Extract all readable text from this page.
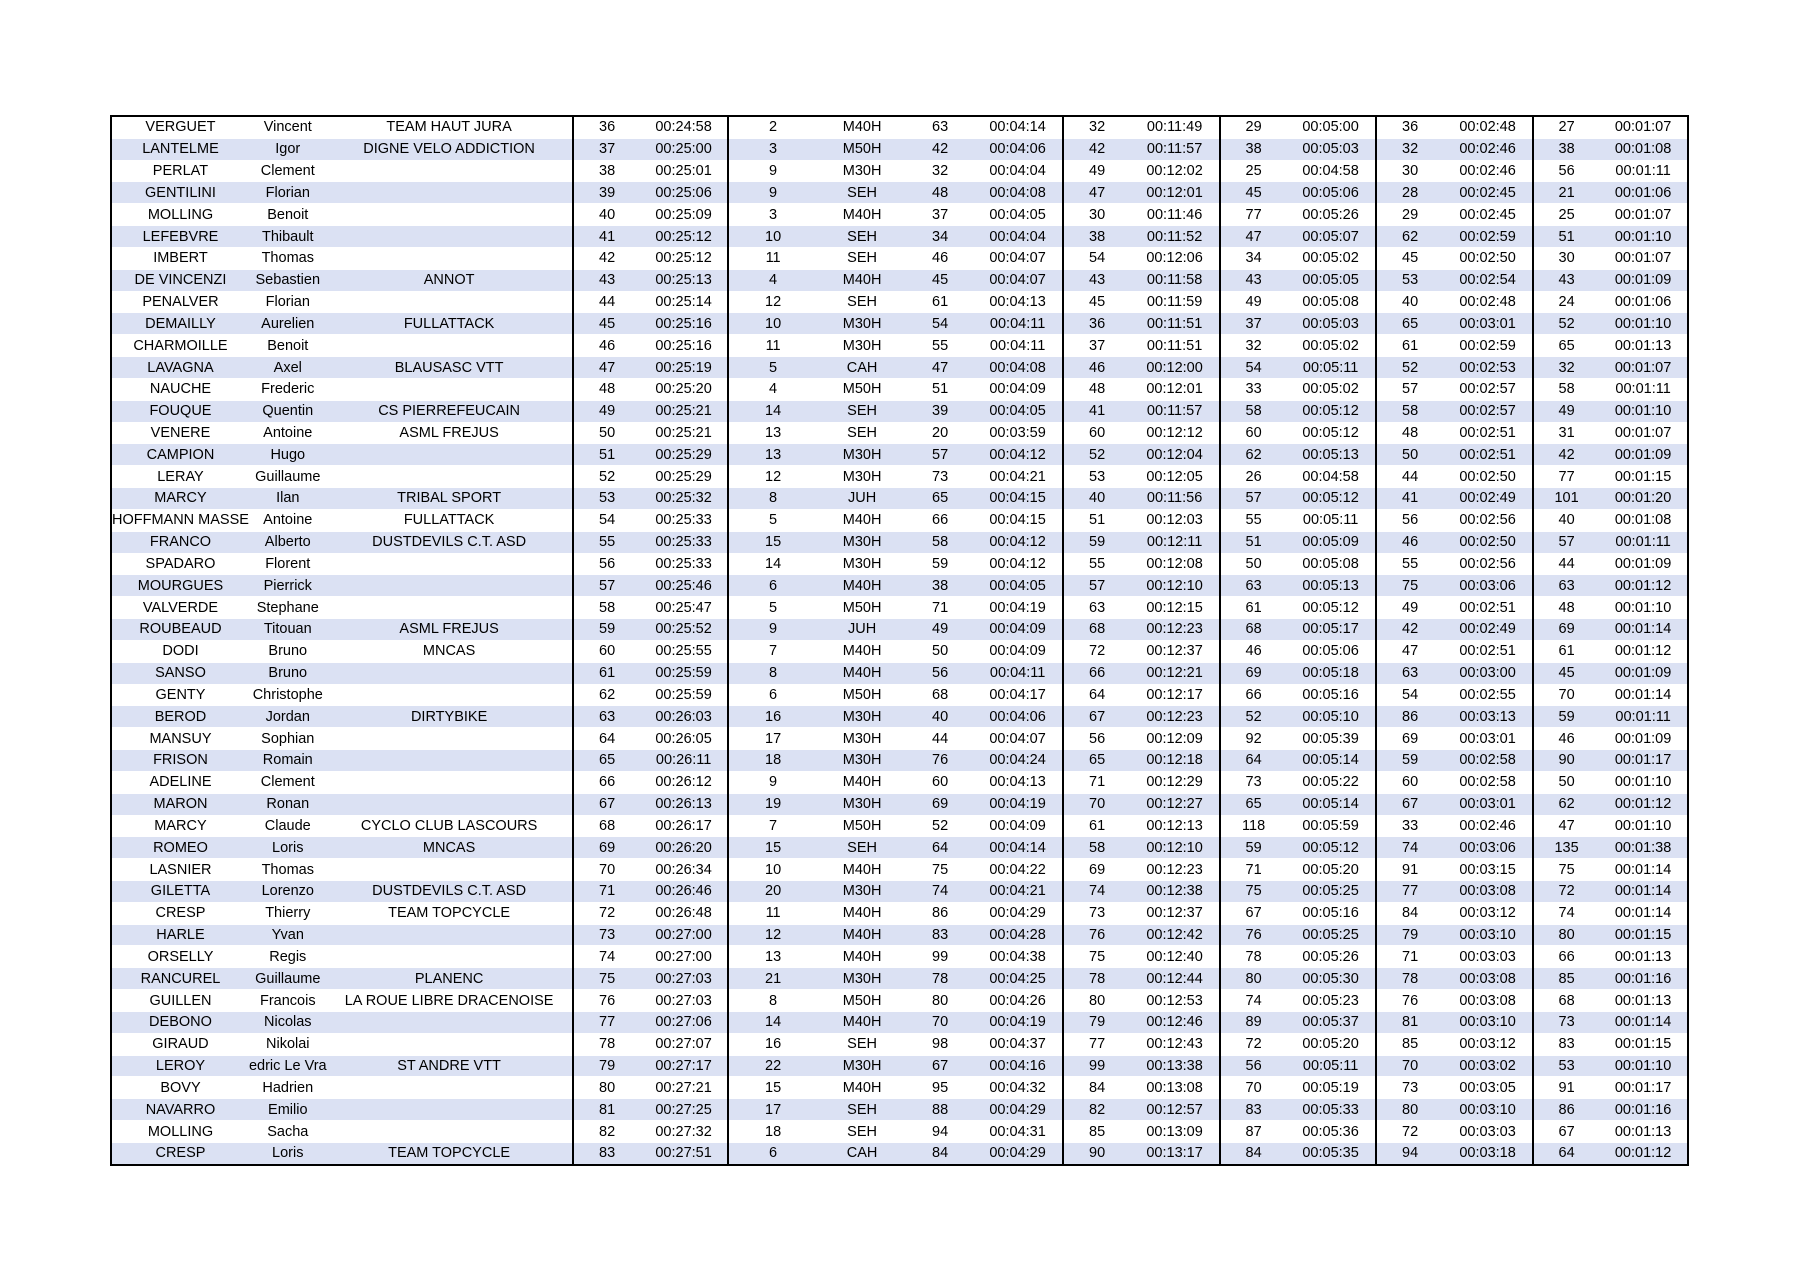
VERGUET	Vincent	TEAM HAUT JURA	36	00:24:58	2	M40H	63	00:04:14	32	00:11:49	29	00:05:00	36	00:02:48	27	00:01:07
LANTELME	Igor	DIGNE VELO ADDICTION	37	00:25:00	3	M50H	42	00:04:06	42	00:11:57	38	00:05:03	32	00:02:46	38	00:01:08
PERLAT	Clement		38	00:25:01	9	M30H	32	00:04:04	49	00:12:02	25	00:04:58	30	00:02:46	56	00:01:11
GENTILINI	Florian		39	00:25:06	9	SEH	48	00:04:08	47	00:12:01	45	00:05:06	28	00:02:45	21	00:01:06
MOLLING	Benoit		40	00:25:09	3	M40H	37	00:04:05	30	00:11:46	77	00:05:26	29	00:02:45	25	00:01:07
LEFEBVRE	Thibault		41	00:25:12	10	SEH	34	00:04:04	38	00:11:52	47	00:05:07	62	00:02:59	51	00:01:10
IMBERT	Thomas		42	00:25:12	11	SEH	46	00:04:07	54	00:12:06	34	00:05:02	45	00:02:50	30	00:01:07
DE VINCENZI	Sebastien	ANNOT	43	00:25:13	4	M40H	45	00:04:07	43	00:11:58	43	00:05:05	53	00:02:54	43	00:01:09
PENALVER	Florian		44	00:25:14	12	SEH	61	00:04:13	45	00:11:59	49	00:05:08	40	00:02:48	24	00:01:06
DEMAILLY	Aurelien	FULLATTACK	45	00:25:16	10	M30H	54	00:04:11	36	00:11:51	37	00:05:03	65	00:03:01	52	00:01:10
CHARMOILLE	Benoit		46	00:25:16	11	M30H	55	00:04:11	37	00:11:51	32	00:05:02	61	00:02:59	65	00:01:13
LAVAGNA	Axel	BLAUSASC VTT	47	00:25:19	5	CAH	47	00:04:08	46	00:12:00	54	00:05:11	52	00:02:53	32	00:01:07
NAUCHE	Frederic		48	00:25:20	4	M50H	51	00:04:09	48	00:12:01	33	00:05:02	57	00:02:57	58	00:01:11
FOUQUE	Quentin	CS PIERREFEUCAIN	49	00:25:21	14	SEH	39	00:04:05	41	00:11:57	58	00:05:12	58	00:02:57	49	00:01:10
VENERE	Antoine	ASML FREJUS	50	00:25:21	13	SEH	20	00:03:59	60	00:12:12	60	00:05:12	48	00:02:51	31	00:01:07
CAMPION	Hugo		51	00:25:29	13	M30H	57	00:04:12	52	00:12:04	62	00:05:13	50	00:02:51	42	00:01:09
LERAY	Guillaume		52	00:25:29	12	M30H	73	00:04:21	53	00:12:05	26	00:04:58	44	00:02:50	77	00:01:15
MARCY	Ilan	TRIBAL SPORT	53	00:25:32	8	JUH	65	00:04:15	40	00:11:56	57	00:05:12	41	00:02:49	101	00:01:20
HOFFMANN MASSE	Antoine	FULLATTACK	54	00:25:33	5	M40H	66	00:04:15	51	00:12:03	55	00:05:11	56	00:02:56	40	00:01:08
FRANCO	Alberto	DUSTDEVILS C.T. ASD	55	00:25:33	15	M30H	58	00:04:12	59	00:12:11	51	00:05:09	46	00:02:50	57	00:01:11
SPADARO	Florent		56	00:25:33	14	M30H	59	00:04:12	55	00:12:08	50	00:05:08	55	00:02:56	44	00:01:09
MOURGUES	Pierrick		57	00:25:46	6	M40H	38	00:04:05	57	00:12:10	63	00:05:13	75	00:03:06	63	00:01:12
VALVERDE	Stephane		58	00:25:47	5	M50H	71	00:04:19	63	00:12:15	61	00:05:12	49	00:02:51	48	00:01:10
ROUBEAUD	Titouan	ASML FREJUS	59	00:25:52	9	JUH	49	00:04:09	68	00:12:23	68	00:05:17	42	00:02:49	69	00:01:14
DODI	Bruno	MNCAS	60	00:25:55	7	M40H	50	00:04:09	72	00:12:37	46	00:05:06	47	00:02:51	61	00:01:12
SANSO	Bruno		61	00:25:59	8	M40H	56	00:04:11	66	00:12:21	69	00:05:18	63	00:03:00	45	00:01:09
GENTY	Christophe		62	00:25:59	6	M50H	68	00:04:17	64	00:12:17	66	00:05:16	54	00:02:55	70	00:01:14
BEROD	Jordan	DIRTYBIKE	63	00:26:03	16	M30H	40	00:04:06	67	00:12:23	52	00:05:10	86	00:03:13	59	00:01:11
MANSUY	Sophian		64	00:26:05	17	M30H	44	00:04:07	56	00:12:09	92	00:05:39	69	00:03:01	46	00:01:09
FRISON	Romain		65	00:26:11	18	M30H	76	00:04:24	65	00:12:18	64	00:05:14	59	00:02:58	90	00:01:17
ADELINE	Clement		66	00:26:12	9	M40H	60	00:04:13	71	00:12:29	73	00:05:22	60	00:02:58	50	00:01:10
MARON	Ronan		67	00:26:13	19	M30H	69	00:04:19	70	00:12:27	65	00:05:14	67	00:03:01	62	00:01:12
MARCY	Claude	CYCLO CLUB LASCOURS	68	00:26:17	7	M50H	52	00:04:09	61	00:12:13	118	00:05:59	33	00:02:46	47	00:01:10
ROMEO	Loris	MNCAS	69	00:26:20	15	SEH	64	00:04:14	58	00:12:10	59	00:05:12	74	00:03:06	135	00:01:38
LASNIER	Thomas		70	00:26:34	10	M40H	75	00:04:22	69	00:12:23	71	00:05:20	91	00:03:15	75	00:01:14
GILETTA	Lorenzo	DUSTDEVILS C.T. ASD	71	00:26:46	20	M30H	74	00:04:21	74	00:12:38	75	00:05:25	77	00:03:08	72	00:01:14
CRESP	Thierry	TEAM TOPCYCLE	72	00:26:48	11	M40H	86	00:04:29	73	00:12:37	67	00:05:16	84	00:03:12	74	00:01:14
HARLE	Yvan		73	00:27:00	12	M40H	83	00:04:28	76	00:12:42	76	00:05:25	79	00:03:10	80	00:01:15
ORSELLY	Regis		74	00:27:00	13	M40H	99	00:04:38	75	00:12:40	78	00:05:26	71	00:03:03	66	00:01:13
RANCUREL	Guillaume	PLANENC	75	00:27:03	21	M30H	78	00:04:25	78	00:12:44	80	00:05:30	78	00:03:08	85	00:01:16
GUILLEN	Francois	LA ROUE LIBRE DRACENOISE	76	00:27:03	8	M50H	80	00:04:26	80	00:12:53	74	00:05:23	76	00:03:08	68	00:01:13
DEBONO	Nicolas		77	00:27:06	14	M40H	70	00:04:19	79	00:12:46	89	00:05:37	81	00:03:10	73	00:01:14
GIRAUD	Nikolai		78	00:27:07	16	SEH	98	00:04:37	77	00:12:43	72	00:05:20	85	00:03:12	83	00:01:15
LEROY	edric Le Vra	ST ANDRE VTT	79	00:27:17	22	M30H	67	00:04:16	99	00:13:38	56	00:05:11	70	00:03:02	53	00:01:10
BOVY	Hadrien		80	00:27:21	15	M40H	95	00:04:32	84	00:13:08	70	00:05:19	73	00:03:05	91	00:01:17
NAVARRO	Emilio		81	00:27:25	17	SEH	88	00:04:29	82	00:12:57	83	00:05:33	80	00:03:10	86	00:01:16
MOLLING	Sacha		82	00:27:32	18	SEH	94	00:04:31	85	00:13:09	87	00:05:36	72	00:03:03	67	00:01:13
CRESP	Loris	TEAM TOPCYCLE	83	00:27:51	6	CAH	84	00:04:29	90	00:13:17	84	00:05:35	94	00:03:18	64	00:01:12
